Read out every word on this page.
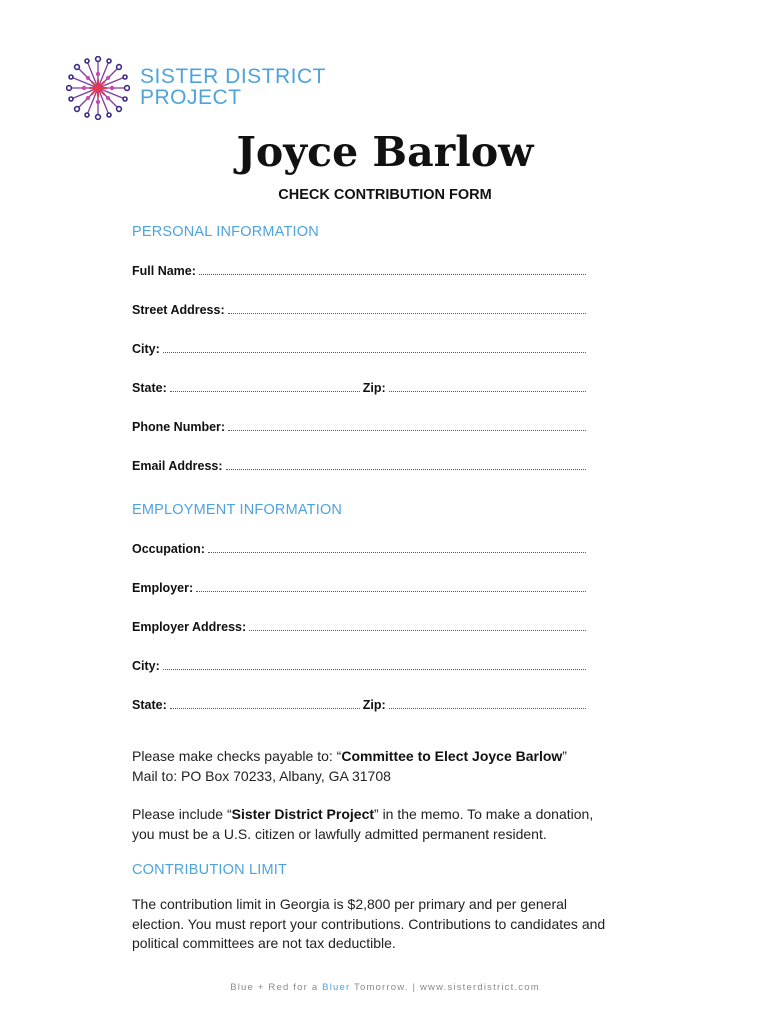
SISTER DISTRICT
PROJECT
Joyce Barlow
CHECK CONTRIBUTION FORM
PERSONAL INFORMATION
Full Name:
Street Address:
City:
State:	Zip:
Phone Number:
Email Address:
EMPLOYMENT INFORMATION
Occupation:
Employer:
Employer Address:
City:
State:	Zip:
Please make checks payable to: “Committee to Elect Joyce Barlow”
Mail to: PO Box 70233, Albany, GA 31708
Please include “Sister District Project” in the memo. To make a donation,
you must be a U.S. citizen or lawfully admitted permanent resident.
CONTRIBUTION LIMIT
The contribution limit in Georgia is $2,800 per primary and per general election. You must report your contributions. Contributions to candidates and political committees are not tax deductible.
Blue + Red for a Bluer Tomorrow. | www.sisterdistrict.com
